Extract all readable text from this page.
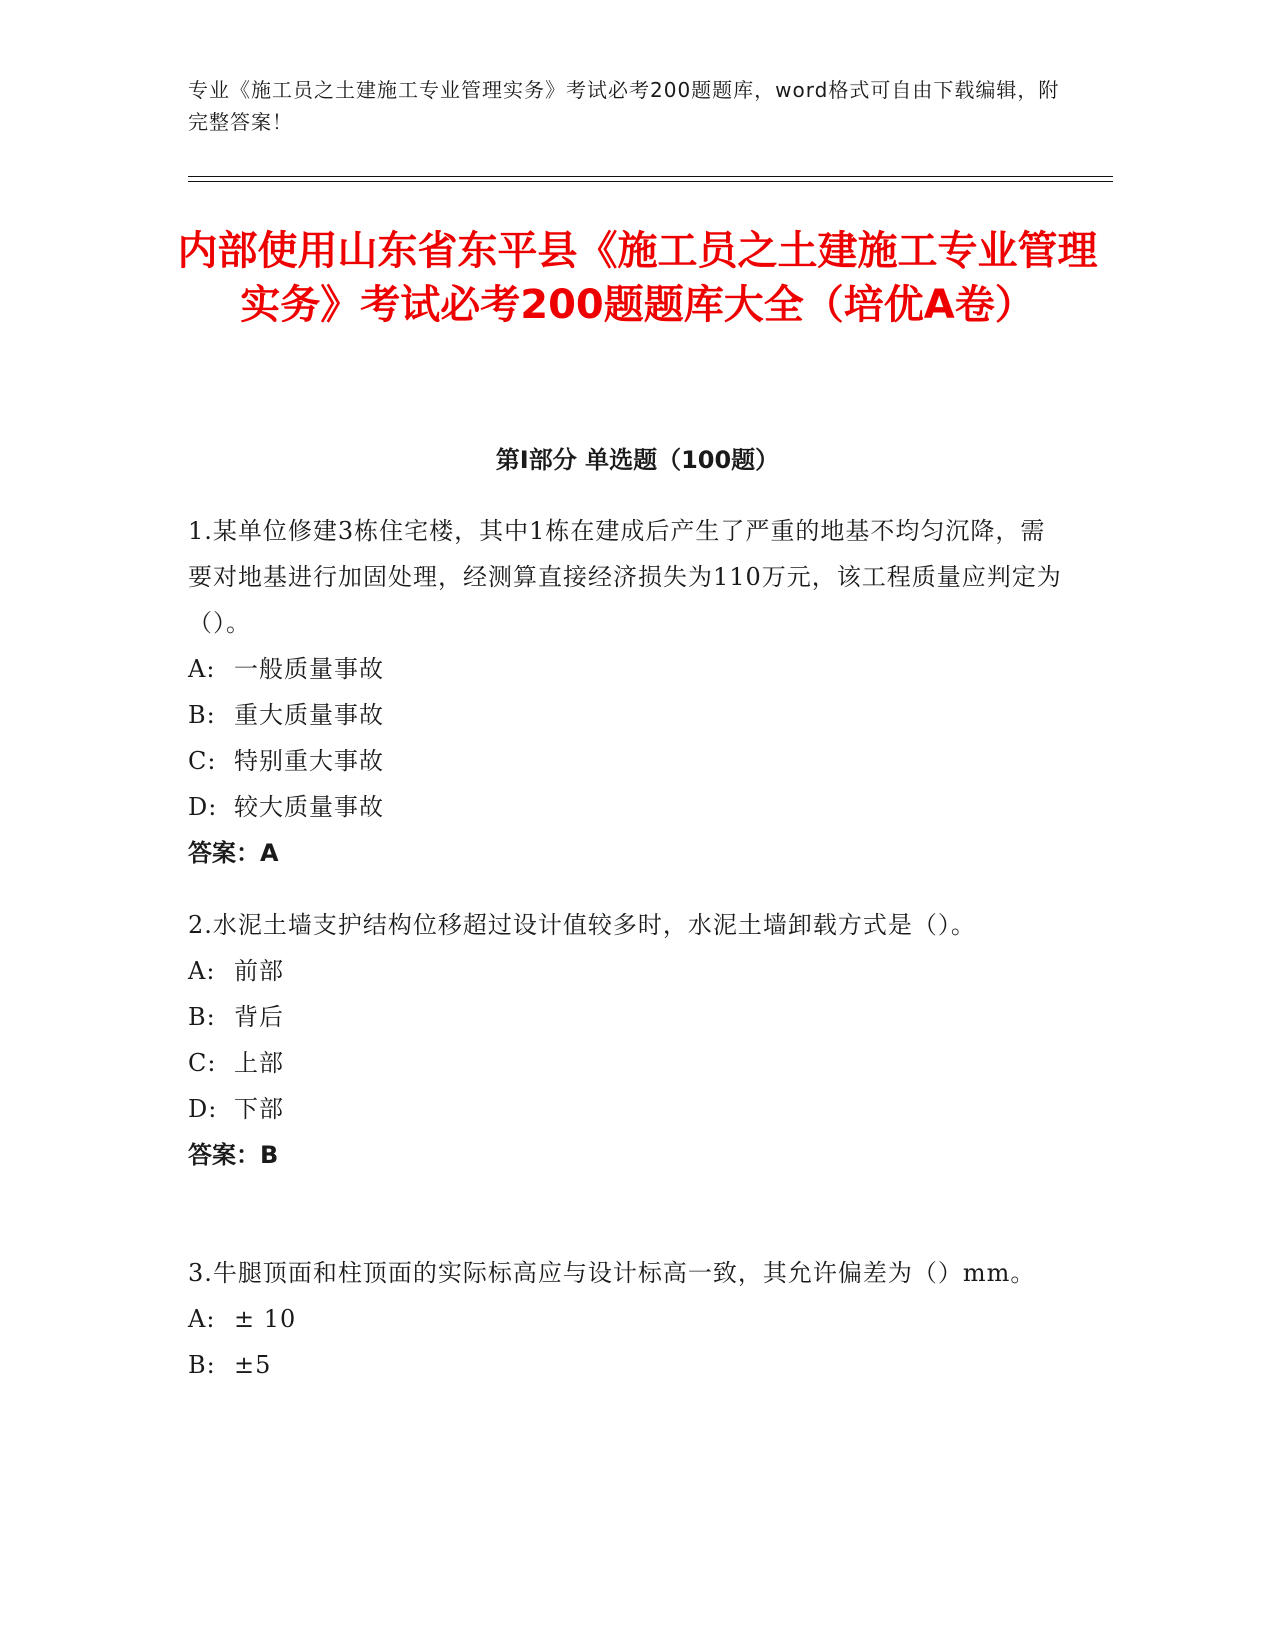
专业《施工员之土建施工专业管理实务》考试必考200题题库，word格式可自由下载编辑，附完整答案！
内部使用山东省东平县《施工员之土建施工专业管理实务》考试必考200题题库大全（培优A卷）
第I部分 单选题（100题）
1.某单位修建3栋住宅楼，其中1栋在建成后产生了严重的地基不均匀沉降，需要对地基进行加固处理，经测算直接经济损失为110万元，该工程质量应判定为（）。
A: 一般质量事故
B: 重大质量事故
C: 特别重大事故
D: 较大质量事故
答案：A
2.水泥土墙支护结构位移超过设计值较多时，水泥土墙卸载方式是（）。
A: 前部
B: 背后
C: 上部
D: 下部
答案：B
3.牛腿顶面和柱顶面的实际标高应与设计标高一致，其允许偏差为（）mm。
A: ± 10
B: ±5
